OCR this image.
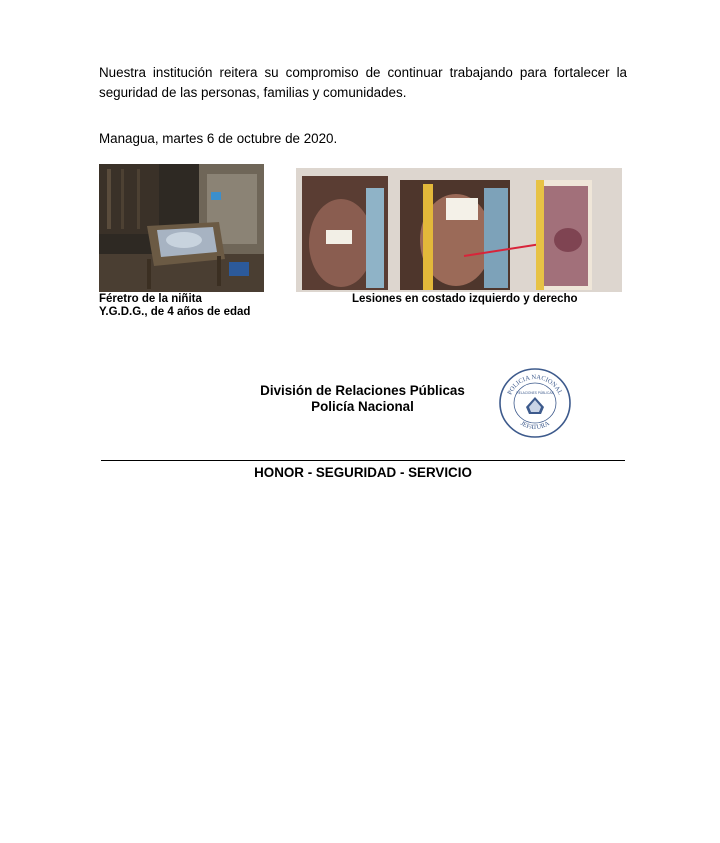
Nuestra institución reitera su compromiso de continuar trabajando para fortalecer la seguridad de las personas, familias y comunidades.
Managua, martes 6 de octubre de 2020.
Féretro de la niñita
Y.G.D.G., de 4 años de edad
Lesiones en costado izquierdo y derecho
División de Relaciones Públicas
Policía Nacional
POLICIA NACIONAL
JEFATURA
RELACIONES PÚBLICAS
HONOR - SEGURIDAD - SERVICIO
